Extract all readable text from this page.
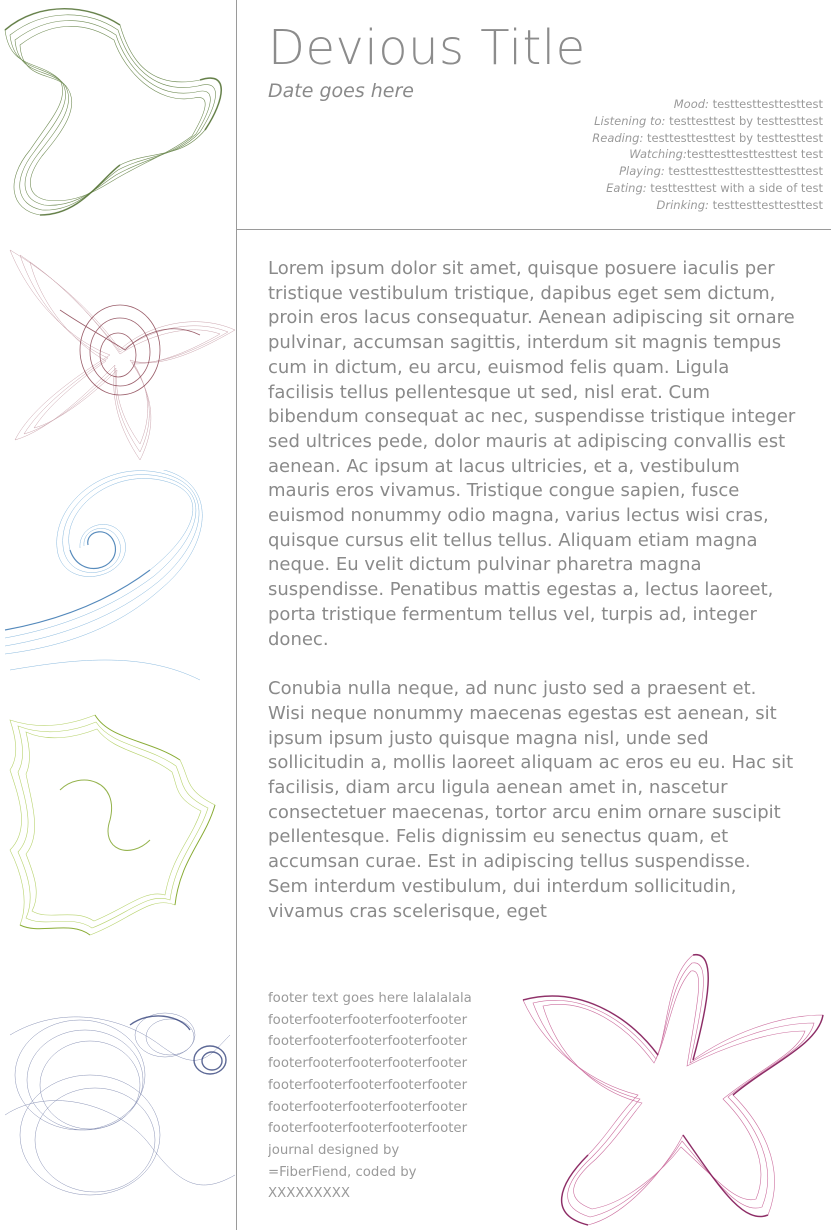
Devious Title
Date goes here
Mood: testtesttesttesttest
Listening to: testtesttest by testtesttest
Reading: testtesttesttest by testtesttest
Watching:testtesttesttesttest test
Playing: testtesttesttesttesttesttest
Eating: testtesttest with a side of test
Drinking: testtesttesttesttest

Lorem ipsum dolor sit amet, quisque posuere iaculis per tristique vestibulum tristique, dapibus eget sem dictum, proin eros lacus consequatur. Aenean adipiscing sit ornare pulvinar, accumsan sagittis, interdum sit magnis tempus cum in dictum, eu arcu, euismod felis quam. Ligula facilisis tellus pellentesque ut sed, nisl erat. Cum bibendum consequat ac nec, suspendisse tristique integer sed ultrices pede, dolor mauris at adipiscing convallis est aenean. Ac ipsum at lacus ultricies, et a, vestibulum mauris eros vivamus. Tristique congue sapien, fusce euismod nonummy odio magna, varius lectus wisi cras, quisque cursus elit tellus tellus. Aliquam etiam magna neque. Eu velit dictum pulvinar pharetra magna suspendisse. Penatibus mattis egestas a, lectus laoreet, porta tristique fermentum tellus vel, turpis ad, integer donec.

Conubia nulla neque, ad nunc justo sed a praesent et. Wisi neque nonummy maecenas egestas est aenean, sit ipsum ipsum justo quisque magna nisl, unde sed sollicitudin a, mollis laoreet aliquam ac eros eu eu. Hac sit facilisis, diam arcu ligula aenean amet in, nascetur consectetuer maecenas, tortor arcu enim ornare suscipit pellentesque. Felis dignissim eu senectus quam, et accumsan curae. Est in adipiscing tellus suspendisse. Sem interdum vestibulum, dui interdum sollicitudin, vivamus cras scelerisque, eget

footer text goes here lalalalala
footerfooterfooterfooterfooter
footerfooterfooterfooterfooter
footerfooterfooterfooterfooter
footerfooterfooterfooterfooter
footerfooterfooterfooterfooter
footerfooterfooterfooterfooter
journal designed by
=FiberFiend, coded by
XXXXXXXXX
